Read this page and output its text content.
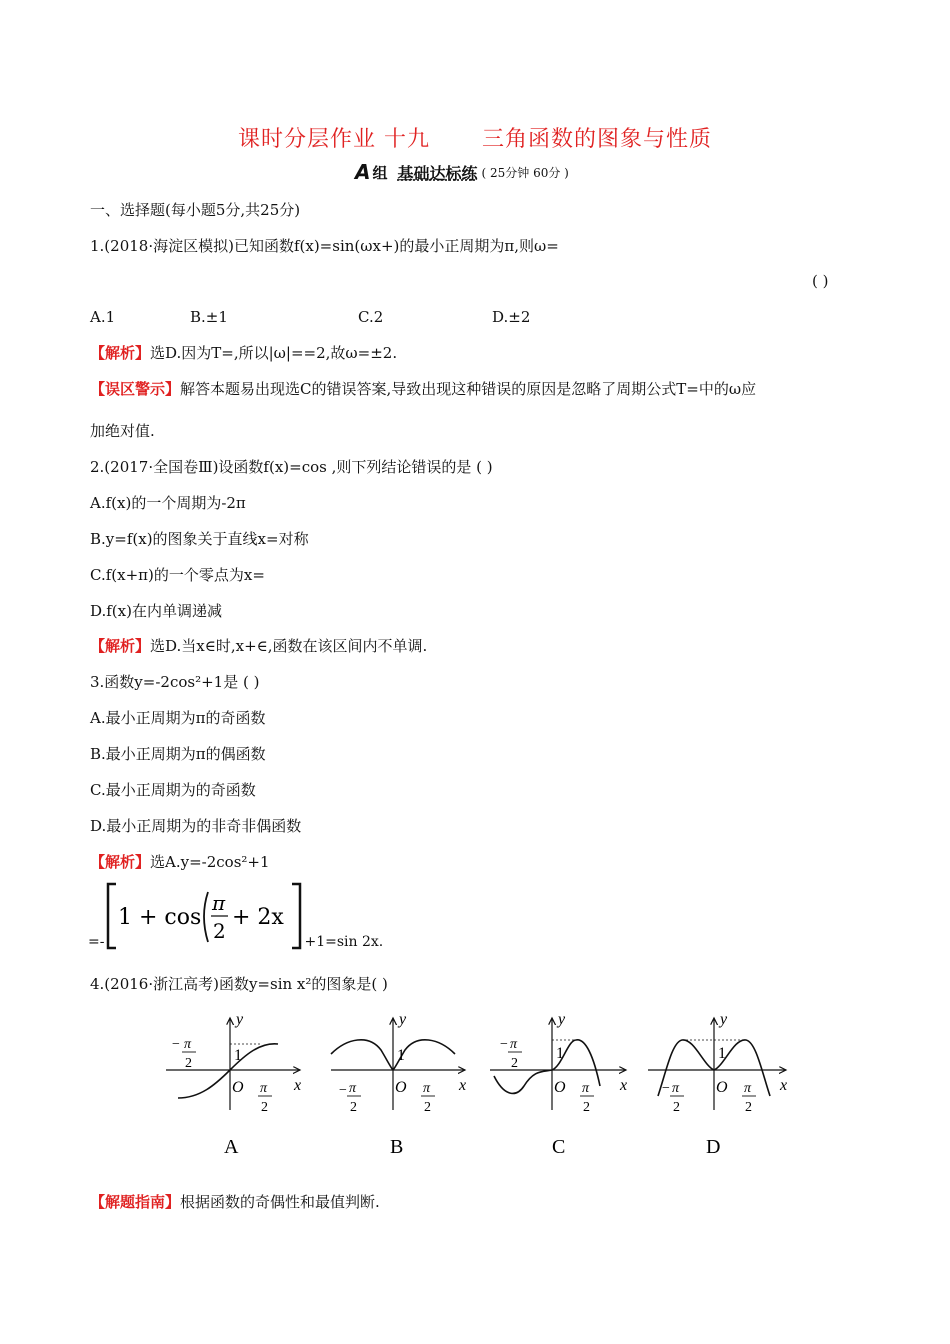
课时分层作业 十九 三角函数的图象与性质
A 组 基础达标练 ( 25分钟 60分 )
一、选择题(每小题5分,共25分)
1.(2018·海淀区模拟)已知函数f(x)=sin(ωx+)的最小正周期为π,则ω=
( )
A.1	B.±1	C.2	D.±2
【解析】选D.因为T=,所以|ω|==2,故ω=±2.
【误区警示】解答本题易出现选C的错误答案,导致出现这种错误的原因是忽略了周期公式T=中的ω应
加绝对值.
2.(2017·全国卷Ⅲ)设函数f(x)=cos ,则下列结论错误的是 ( )
A.f(x)的一个周期为-2π
B.y=f(x)的图象关于直线x=对称
C.f(x+π)的一个零点为x=
D.f(x)在内单调递减
【解析】选D.当x∈时,x+∈,函数在该区间内不单调.
3.函数y=-2cos²+1是 ( )
A.最小正周期为π的奇函数
B.最小正周期为π的偶函数
C.最小正周期为的奇函数
D.最小正周期为的非奇非偶函数
【解析】选A.y=-2cos²+1
=-
1 + cos
π
2
+ 2x
+1=sin 2x.
4.(2016·浙江高考)函数y=sin x²的图象是( )
y
x
O
1
− π
2
π
2
y
x
O
1
− π
2
π
2
y
x
O
1
− π
2
π
2
y
x
O
1
− π
2
π
2
A	B	C	D
【解题指南】根据函数的奇偶性和最值判断.
